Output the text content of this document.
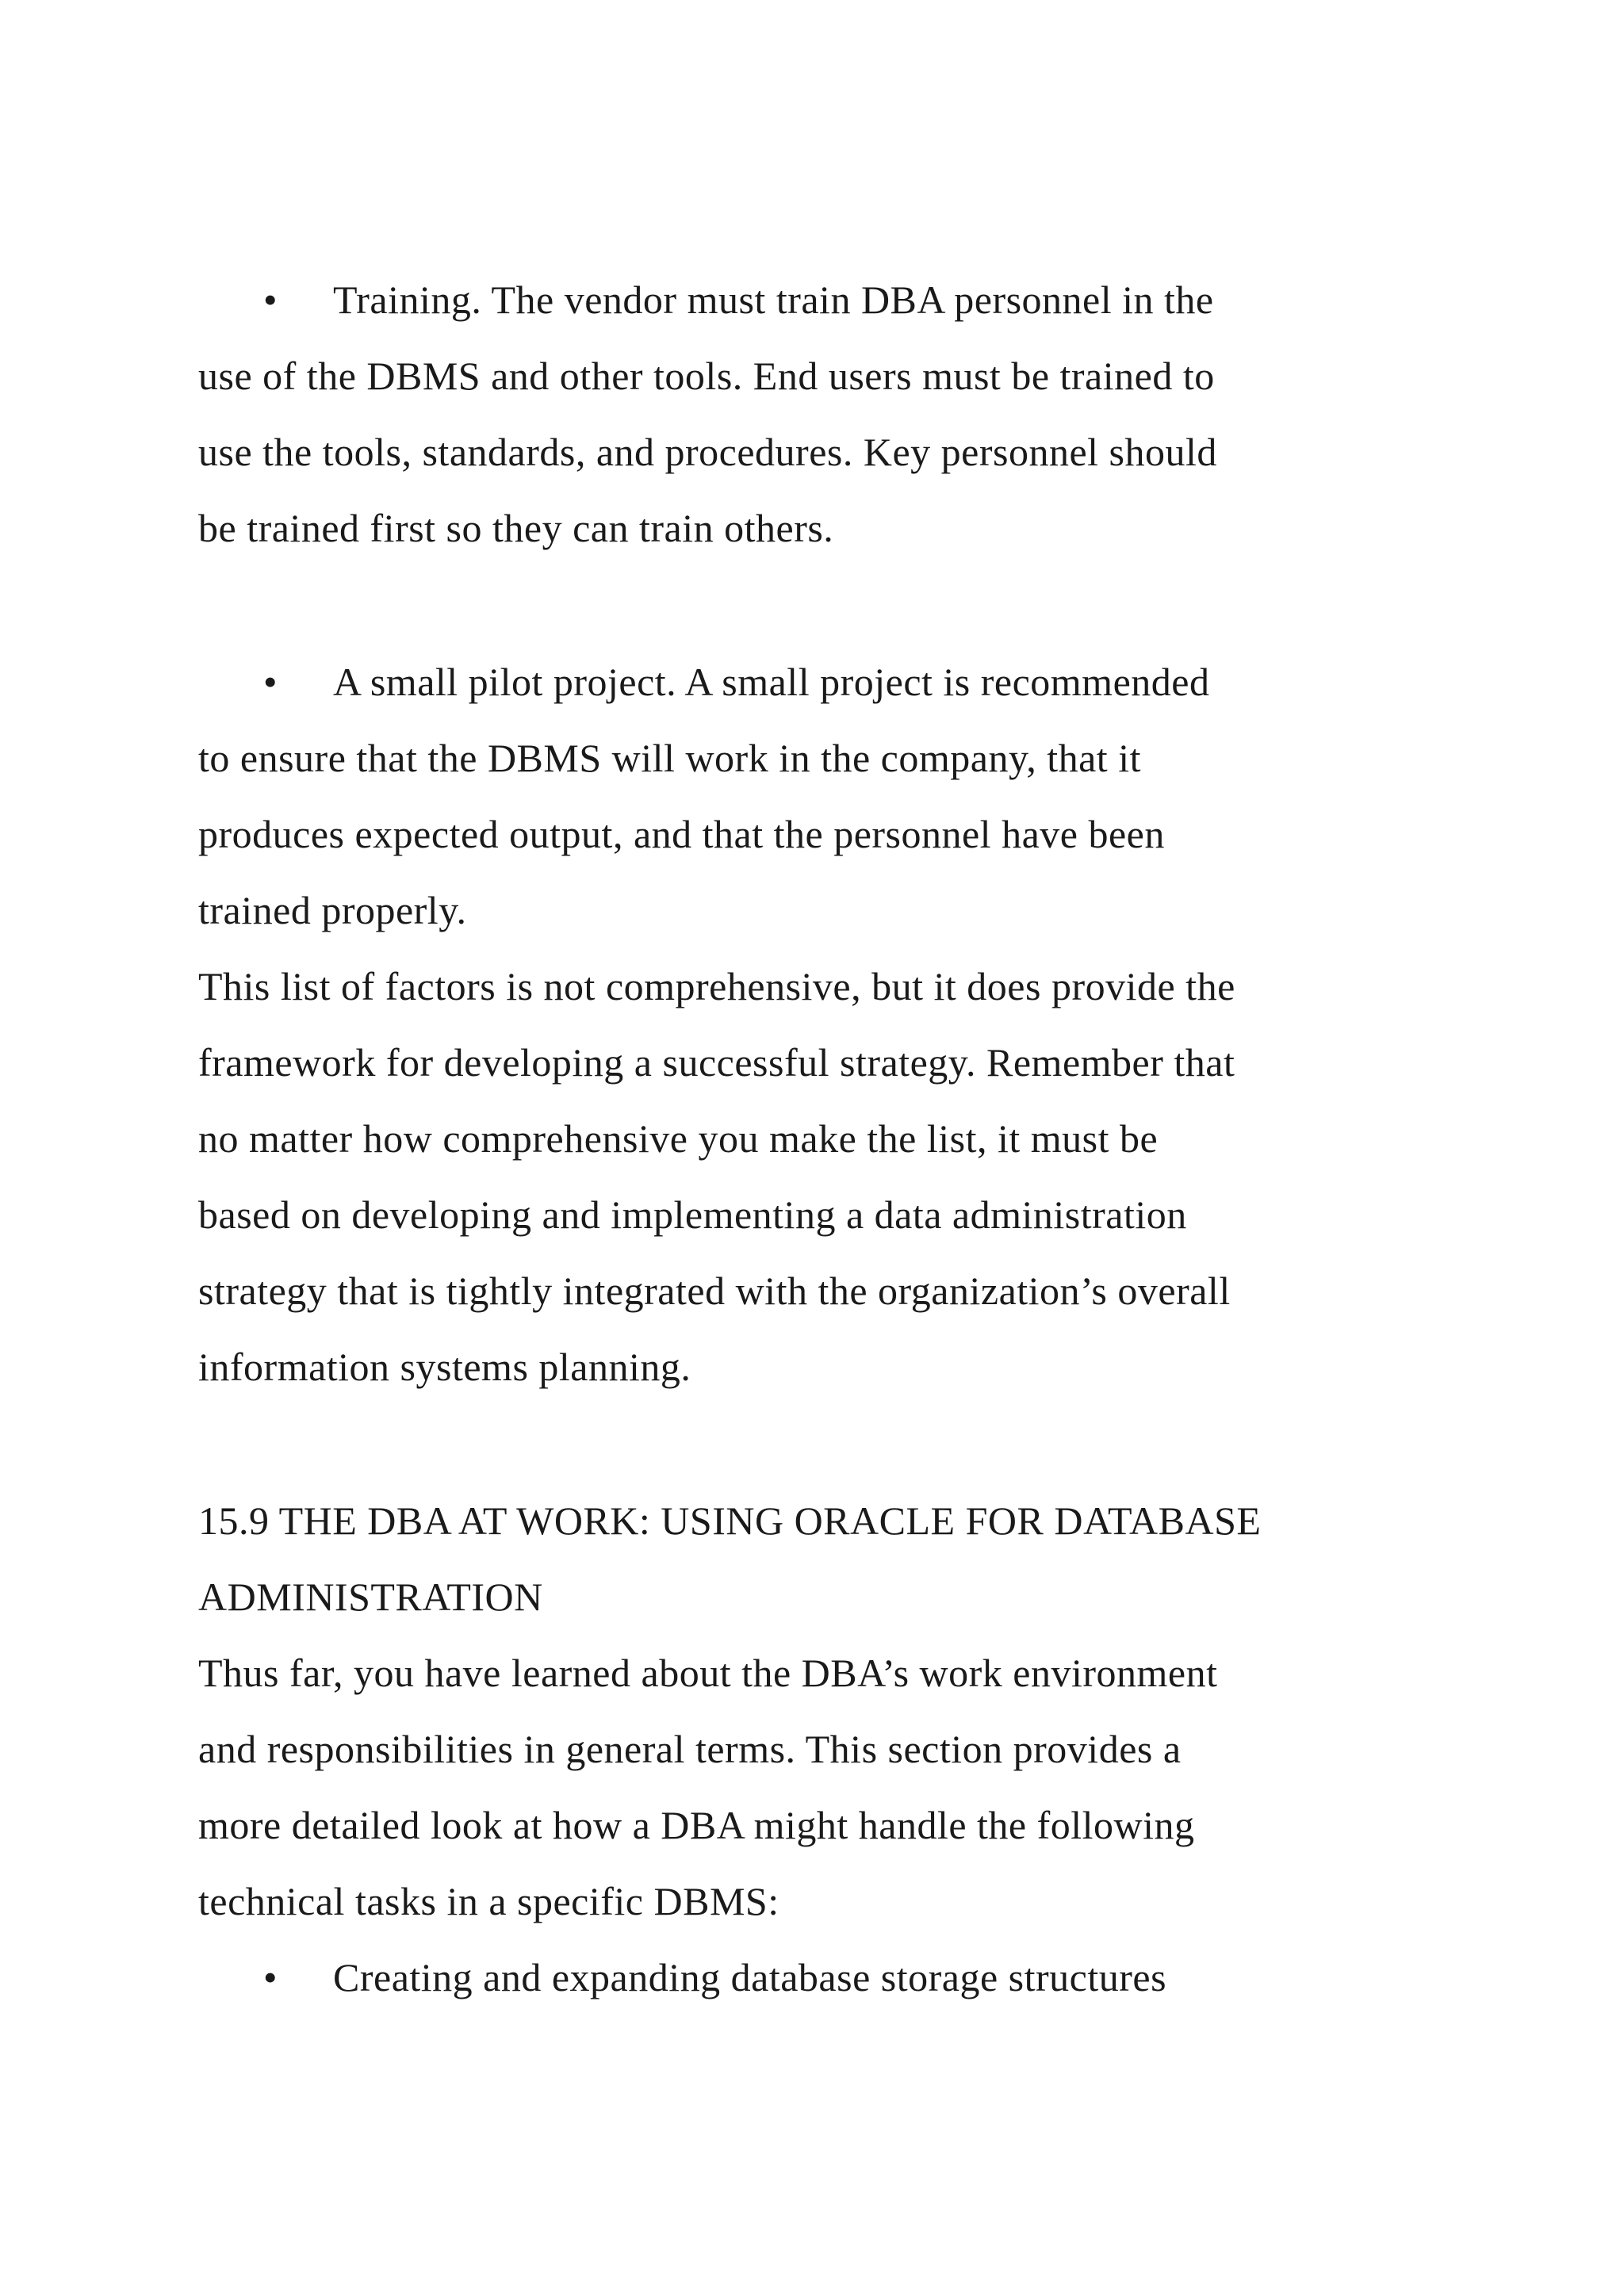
• Training. The vendor must train DBA personnel in the
use of the DBMS and other tools. End users must be trained to
use the tools, standards, and procedures. Key personnel should
be trained first so they can train others.
• A small pilot project. A small project is recommended
to ensure that the DBMS will work in the company, that it
produces expected output, and that the personnel have been
trained properly.
This list of factors is not comprehensive, but it does provide the
framework for developing a successful strategy. Remember that
no matter how comprehensive you make the list, it must be
based on developing and implementing a data administration
strategy that is tightly integrated with the organization’s overall
information systems planning.
15.9 THE DBA AT WORK: USING ORACLE FOR DATABASE
ADMINISTRATION
Thus far, you have learned about the DBA’s work environment
and responsibilities in general terms. This section provides a
more detailed look at how a DBA might handle the following
technical tasks in a specific DBMS:
• Creating and expanding database storage structures
